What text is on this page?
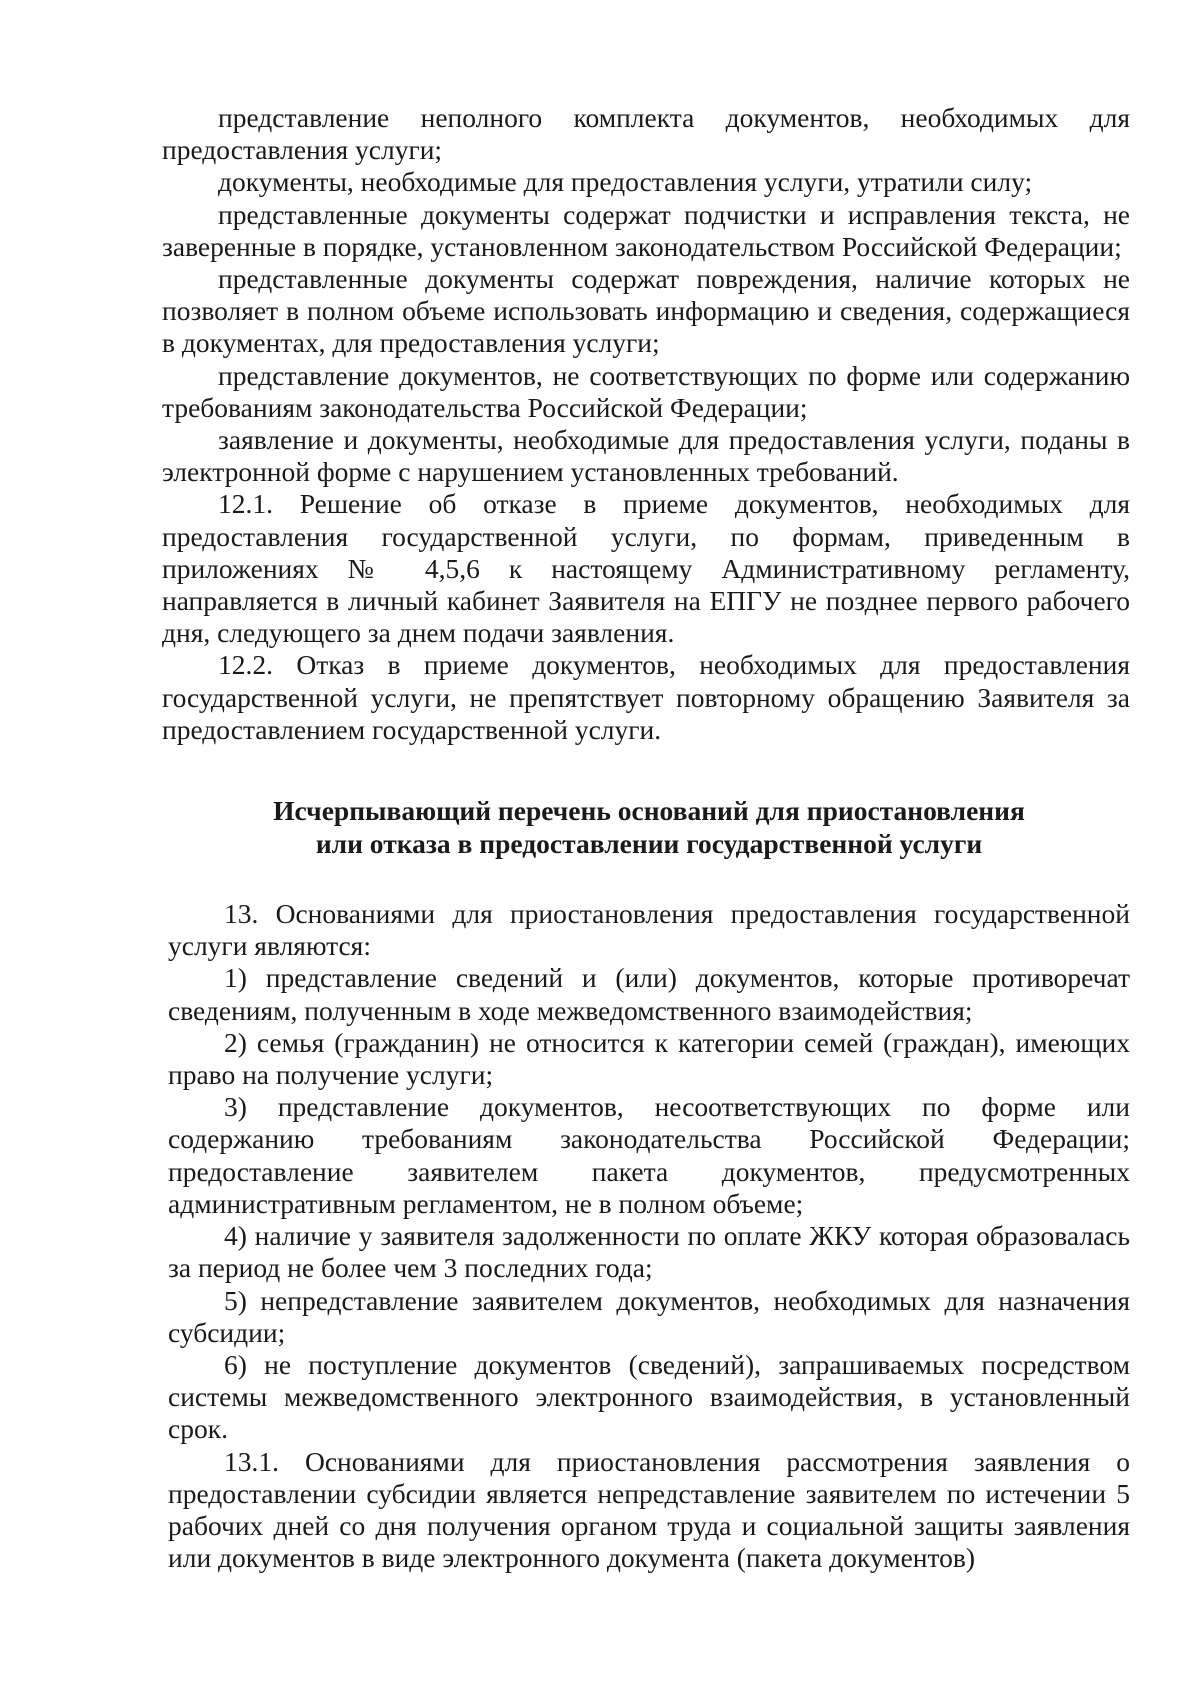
представление неполного комплекта документов, необходимых для предоставления услуги;

документы, необходимые для предоставления услуги, утратили силу;

представленные документы содержат подчистки и исправления текста, не заверенные в порядке, установленном законодательством Российской Федерации;

представленные документы содержат повреждения, наличие которых не позволяет в полном объеме использовать информацию и сведения, содержащиеся в документах, для предоставления услуги;

представление документов, не соответствующих по форме или содержанию требованиям законодательства Российской Федерации;

заявление и документы, необходимые для предоставления услуги, поданы в электронной форме с нарушением установленных требований.

12.1. Решение об отказе в приеме документов, необходимых для предоставления государственной услуги, по формам, приведенным в приложениях № 4,5,6 к настоящему Административному регламенту, направляется в личный кабинет Заявителя на ЕПГУ не позднее первого рабочего дня, следующего за днем подачи заявления.

12.2. Отказ в приеме документов, необходимых для предоставления государственной услуги, не препятствует повторному обращению Заявителя за предоставлением государственной услуги.

Исчерпывающий перечень оснований для приостановления
или отказа в предоставлении государственной услуги

13. Основаниями для приостановления предоставления государственной услуги являются:

1) представление сведений и (или) документов, которые противоречат сведениям, полученным в ходе межведомственного взаимодействия;

2) семья (гражданин) не относится к категории семей (граждан), имеющих право на получение услуги;

3) представление документов, несоответствующих по форме или содержанию требованиям законодательства Российской Федерации; предоставление заявителем пакета документов, предусмотренных административным регламентом, не в полном объеме;

4) наличие у заявителя задолженности по оплате ЖКУ которая образовалась за период не более чем 3 последних года;

5) непредставление заявителем документов, необходимых для назначения субсидии;

6) не поступление документов (сведений), запрашиваемых посредством системы межведомственного электронного взаимодействия, в установленный срок.

13.1. Основаниями для приостановления рассмотрения заявления о предоставлении субсидии является непредставление заявителем по истечении 5 рабочих дней со дня получения органом труда и социальной защиты заявления или документов в виде электронного документа (пакета документов)
